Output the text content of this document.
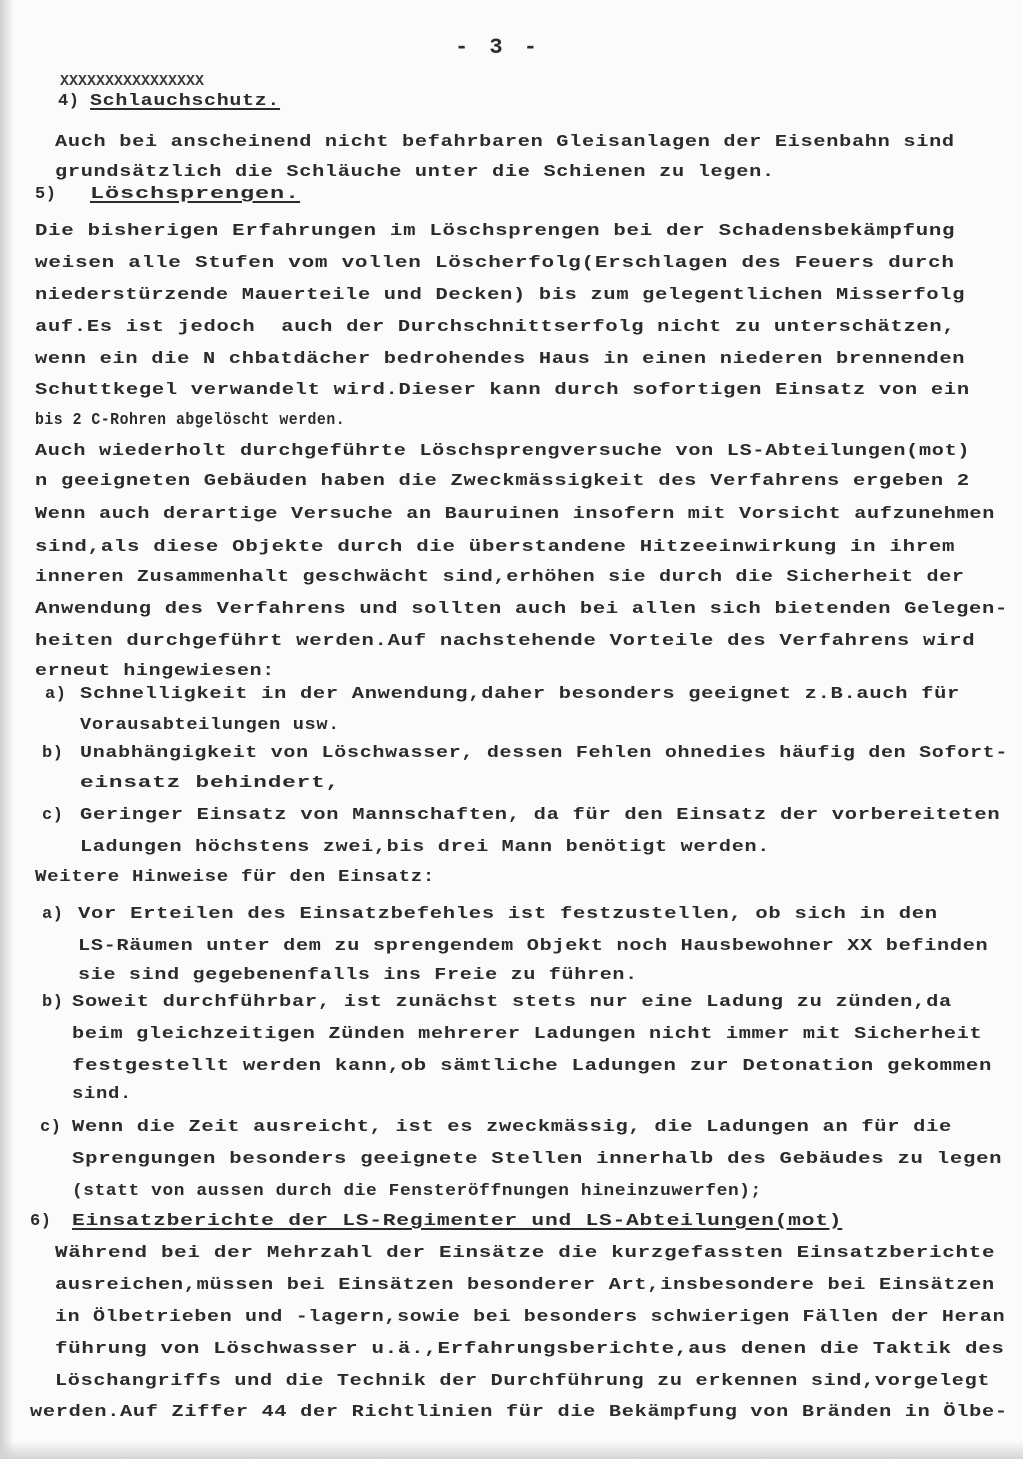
- 3 -
XXXXXXXXXXXXXXXX
4) Schlauchschutz.
Auch bei anscheinend nicht befahrbaren Gleisanlagen der Eisenbahn sind
grundsätzlich die Schläuche unter die Schienen zu legen.
5) Löschsprengen.
Die bisherigen Erfahrungen im Löschsprengen bei der Schadensbekämpfung
weisen alle Stufen vom vollen Löscherfolg(Erschlagen des Feuers durch
niederstürzende Mauerteile und Decken) bis zum gelegentlichen Misserfolg
auf.Es ist jedoch  auch der Durchschnittserfolg nicht zu unterschätzen,
wenn ein die N chbatdächer bedrohendes Haus in einen niederen brennenden
Schuttkegel verwandelt wird.Dieser kann durch sofortigen Einsatz von ein
bis 2 C-Rohren abgelöscht werden.
Auch wiederholt durchgeführte Löschsprengversuche von LS-Abteilungen(mot)
n geeigneten Gebäuden haben die Zweckmässigkeit des Verfahrens ergeben 2
Wenn auch derartige Versuche an Bauruinen insofern mit Vorsicht aufzunehmen
sind,als diese Objekte durch die überstandene Hitzeeinwirkung in ihrem
inneren Zusammenhalt geschwächt sind,erhöhen sie durch die Sicherheit der
Anwendung des Verfahrens und sollten auch bei allen sich bietenden Gelegen-
heiten durchgeführt werden.Auf nachstehende Vorteile des Verfahrens wird
erneut hingewiesen:
a) Schnelligkeit in der Anwendung,daher besonders geeignet z.B.auch für
Vorausabteilungen usw.
b) Unabhängigkeit von Löschwasser, dessen Fehlen ohnedies häufig den Sofort-
einsatz behindert,
c) Geringer Einsatz von Mannschaften, da für den Einsatz der vorbereiteten
Ladungen höchstens zwei,bis drei Mann benötigt werden.
Weitere Hinweise für den Einsatz:
a) Vor Erteilen des Einsatzbefehles ist festzustellen, ob sich in den
LS-Räumen unter dem zu sprengendem Objekt noch Hausbewohner XX befinden
sie sind gegebenenfalls ins Freie zu führen.
b) Soweit durchführbar, ist zunächst stets nur eine Ladung zu zünden,da
beim gleichzeitigen Zünden mehrerer Ladungen nicht immer mit Sicherheit
festgestellt werden kann,ob sämtliche Ladungen zur Detonation gekommen
sind.
c) Wenn die Zeit ausreicht, ist es zweckmässig, die Ladungen an für die
Sprengungen besonders geeignete Stellen innerhalb des Gebäudes zu legen
(statt von aussen durch die Fensteröffnungen hineinzuwerfen);
6) Einsatzberichte der LS-Regimenter und LS-Abteilungen(mot)
Während bei der Mehrzahl der Einsätze die kurzgefassten Einsatzberichte
ausreichen,müssen bei Einsätzen besonderer Art,insbesondere bei Einsätzen
in Ölbetrieben und -lagern,sowie bei besonders schwierigen Fällen der Heran
führung von Löschwasser u.ä.,Erfahrungsberichte,aus denen die Taktik des
Löschangriffs und die Technik der Durchführung zu erkennen sind,vorgelegt
werden.Auf Ziffer 44 der Richtlinien für die Bekämpfung von Bränden in Ölbe-
